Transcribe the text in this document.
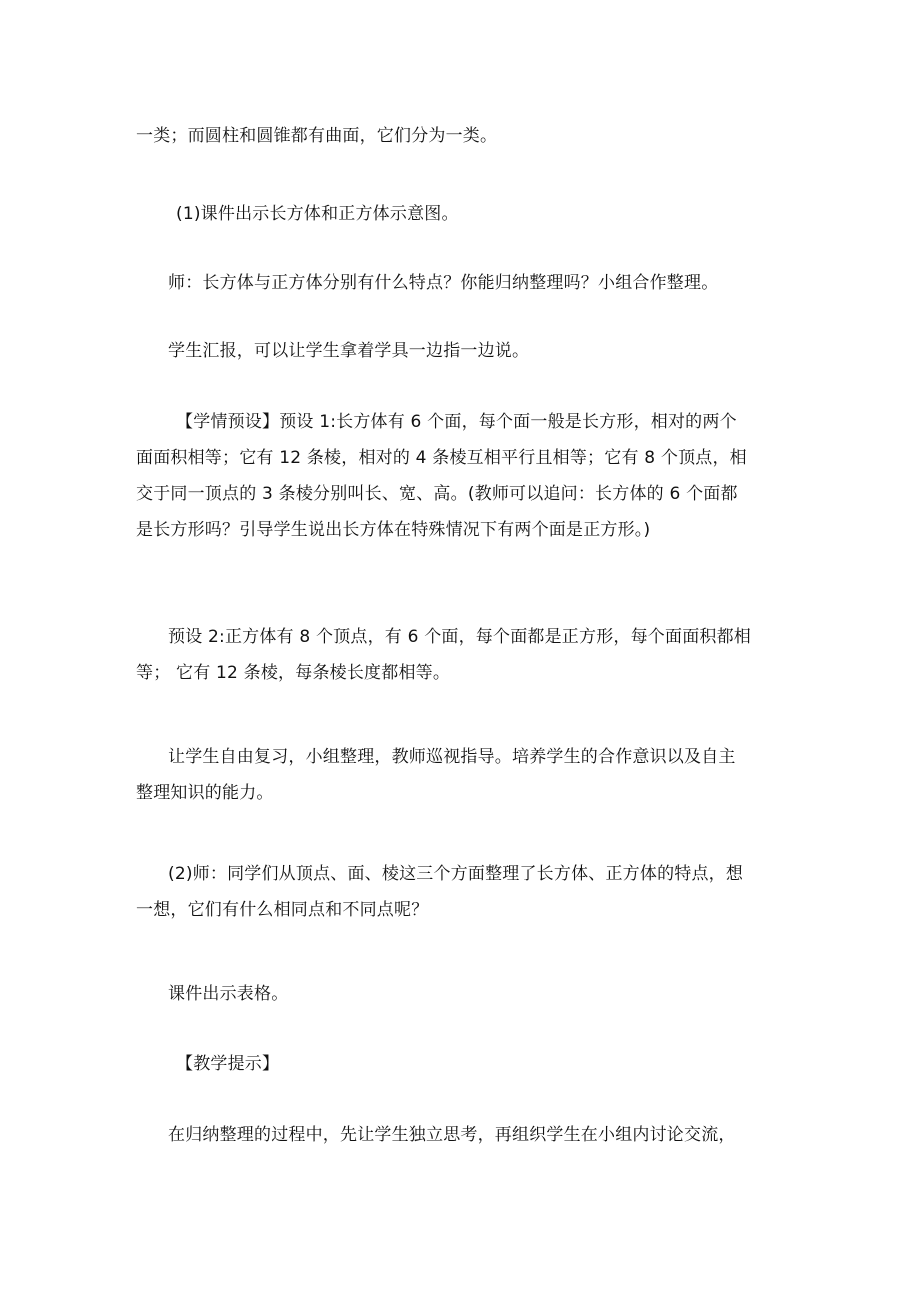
一类；而圆柱和圆锥都有曲面，它们分为一类。

(1)课件出示长方体和正方体示意图。

师：长方体与正方体分别有什么特点？你能归纳整理吗？小组合作整理。

学生汇报，可以让学生拿着学具一边指一边说。

【学情预设】预设 1:长方体有 6 个面，每个面一般是长方形，相对的两个
面面积相等；它有 12 条棱，相对的 4 条棱互相平行且相等；它有 8 个顶点，相
交于同一顶点的 3 条棱分别叫长、宽、高。(教师可以追问：长方体的 6 个面都
是长方形吗？引导学生说出长方体在特殊情况下有两个面是正方形。)

预设 2:正方体有 8 个顶点，有 6 个面，每个面都是正方形，每个面面积都相
等； 它有 12 条棱，每条棱长度都相等。

让学生自由复习，小组整理，教师巡视指导。培养学生的合作意识以及自主
整理知识的能力。

(2)师：同学们从顶点、面、棱这三个方面整理了长方体、正方体的特点，想
一想，它们有什么相同点和不同点呢？

课件出示表格。

【教学提示】

在归纳整理的过程中，先让学生独立思考，再组织学生在小组内讨论交流，
